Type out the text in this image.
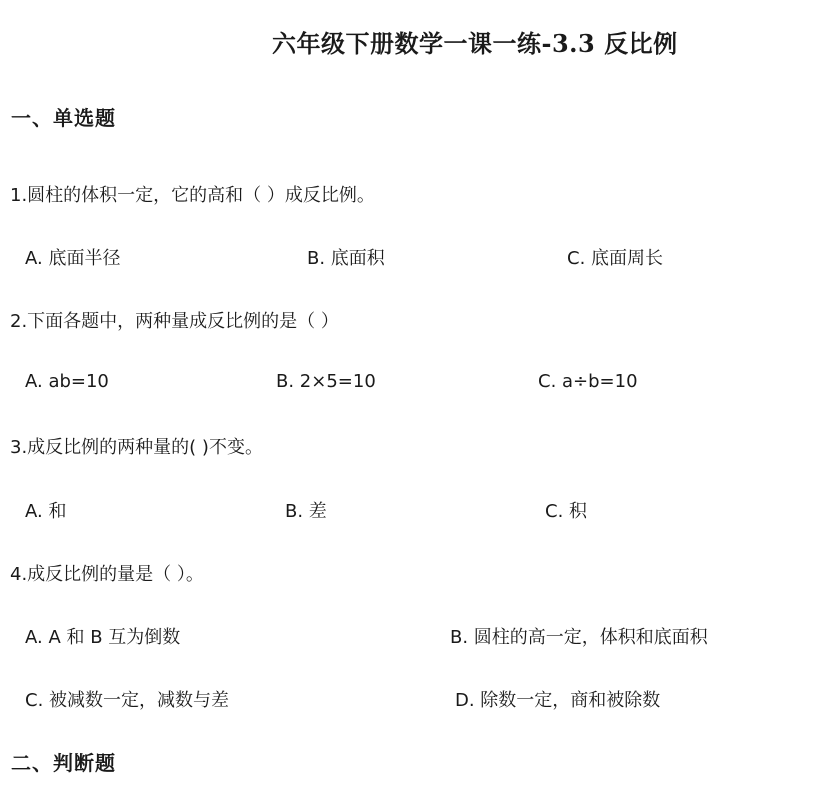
六年级下册数学一课一练-3.3 反比例
一、单选题
1.圆柱的体积一定，它的高和（ ）成反比例。
A. 底面半径	B. 底面积	C. 底面周长
2.下面各题中，两种量成反比例的是（ ）
A. ab=10	B. 2×5=10	C. a÷b=10
3.成反比例的两种量的( )不变。
A. 和	B. 差	C. 积
4.成反比例的量是（ ）。
A. A 和 B 互为倒数	B. 圆柱的高一定，体积和底面积
C. 被减数一定，减数与差	D. 除数一定，商和被除数
二、判断题
